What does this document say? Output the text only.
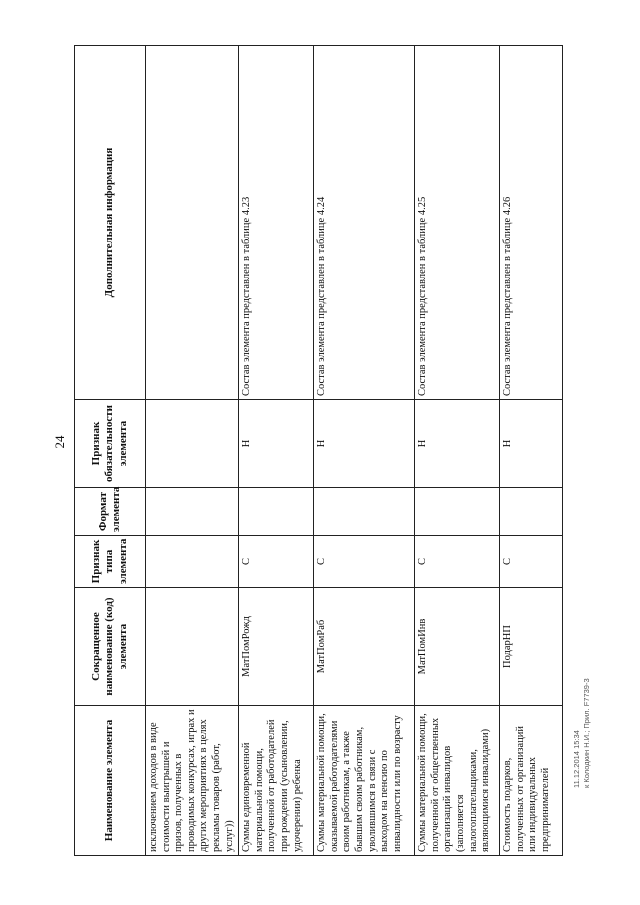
24
Наименование элемента	Сокращенное наименование (код) элемента	Признак типа элемента	Формат элемента	Признак обязательности элемента	Дополнительная информация
исключением доходов в виде стоимости выигрышей и призов, полученных в проводимых конкурсах, играх и других мероприятиях в целях рекламы товаров (работ, услуг))					
Суммы единовременной материальной помощи, полученной от работодателей при рождении (усыновлении, удочерении) ребенка	МатПомРожд	С		Н	Состав элемента представлен в таблице 4.23
Суммы материальной помощи, оказываемой работодателями своим работникам, а также бывшим своим работникам, уволившимся в связи с выходом на пенсию по инвалидности или по возрасту	МатПомРаб	С		Н	Состав элемента представлен в таблице 4.24
Суммы материальной помощи, полученной от общественных организаций инвалидов (заполняется налогоплательщиками, являющимися инвалидами)	МатПомИнв	С		Н	Состав элемента представлен в таблице 4.25
Стоимость подарков, полученных от организаций или индивидуальных предпринимателей	ПодарНП	С		Н	Состав элемента представлен в таблице 4.26
11.12.2014 15:34 к Колодкин Н.И.; Прил. F7739-3
